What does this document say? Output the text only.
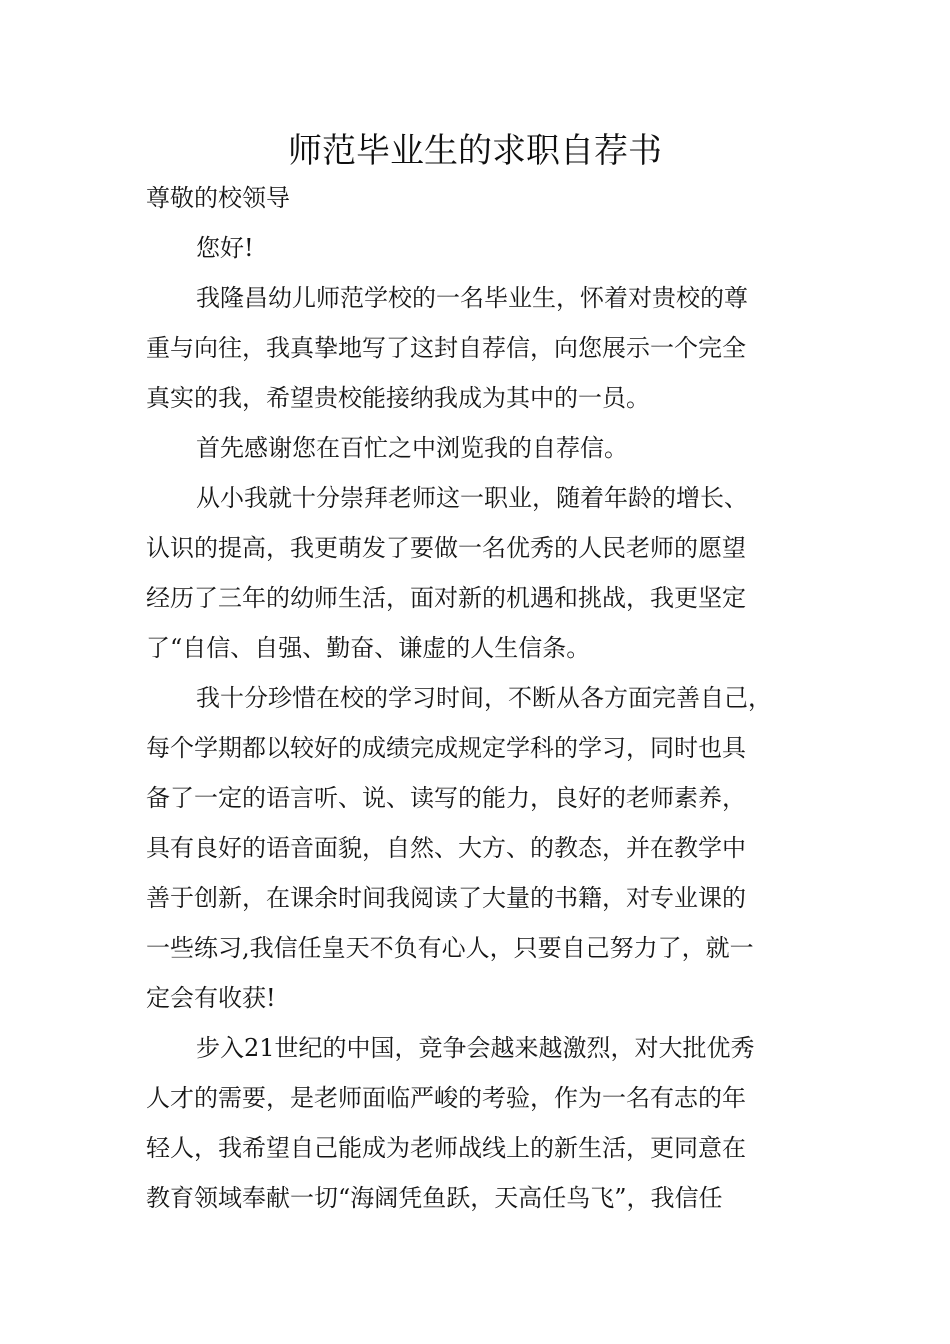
师范毕业生的求职自荐书

尊敬的校领导

您好!

我隆昌幼儿师范学校的一名毕业生，怀着对贵校的尊

重与向往，我真挚地写了这封自荐信，向您展示一个完全

真实的我，希望贵校能接纳我成为其中的一员。

首先感谢您在百忙之中浏览我的自荐信。

从小我就十分崇拜老师这一职业，随着年龄的增长、

认识的提高，我更萌发了要做一名优秀的人民老师的愿望

经历了三年的幼师生活，面对新的机遇和挑战，我更坚定

了“自信、自强、勤奋、谦虚的人生信条。

我十分珍惜在校的学习时间，不断从各方面完善自己，

每个学期都以较好的成绩完成规定学科的学习，同时也具

备了一定的语言听、说、读写的能力，良好的老师素养，

具有良好的语音面貌，自然、大方、的教态，并在教学中

善于创新，在课余时间我阅读了大量的书籍，对专业课的

一些练习,我信任皇天不负有心人，只要自己努力了，就一

定会有收获!

步入21世纪的中国，竞争会越来越激烈，对大批优秀

人才的需要，是老师面临严峻的考验，作为一名有志的年

轻人，我希望自己能成为老师战线上的新生活，更同意在

教育领域奉献一切“海阔凭鱼跃，天高任鸟飞”，我信任
